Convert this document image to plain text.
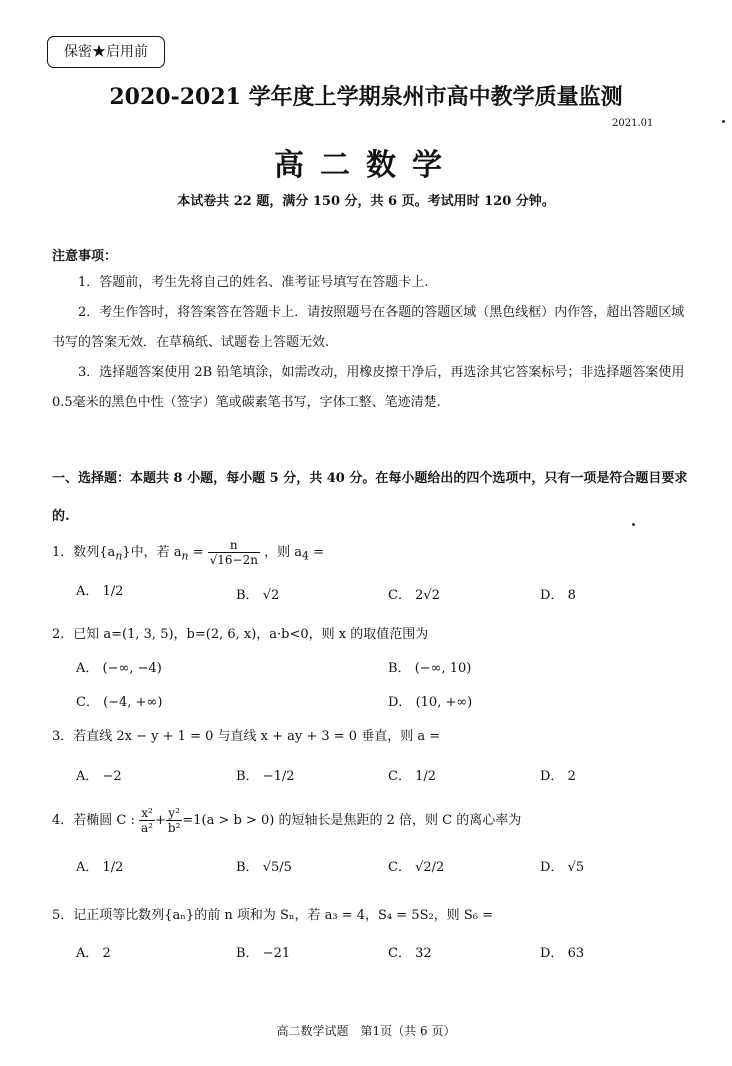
保密★启用前
2020-2021 学年度上学期泉州市高中教学质量监测
2021.01
高二数学
本试卷共 22 题，满分 150 分，共 6 页。考试用时 120 分钟。
注意事项：
1．答题前，考生先将自己的姓名、准考证号填写在答题卡上.
2．考生作答时，将答案答在答题卡上．请按照题号在各题的答题区域（黑色线框）内作答，超出答题区域书写的答案无效．在草稿纸、试题卷上答题无效.
3．选择题答案使用 2B 铅笔填涂，如需改动，用橡皮擦干净后，再选涂其它答案标号；非选择题答案使用0.5毫米的黑色中性（签字）笔或碳素笔书写，字体工整、笔迹清楚.
一、选择题：本题共 8 小题，每小题 5 分，共 40 分。在每小题给出的四个选项中，只有一项是符合题目要求的.
1．数列$\{a_n\}$中，若 $a_n = \frac{n}{√16-2n}$ ，则 $a_4$ =
A． 1/2	B． √2	C． 2√2	D． 8
2．已知 a=(1, 3, 5)，b=(2, 6, x)，a·b<0，则 x 的取值范围为
A． (−∞, −4)	B． (−∞, 10)
C． (−4, +∞)	D． (10, +∞)
3．若直线 2x − y + 1 = 0 与直线 x + ay + 3 = 0 垂直，则 a =
A． −2	B． −1/2	C． 1/2	D． 2
4．若椭圆 C : $\frac{\text{x²}}{\text{a²}} + \frac{\text{y²}}{\text{b²}} =1(a > b > 0)$ 的短轴长是焦距的 2 倍，则 C 的离心率为
A． 1/2	B． √5/5	C． √2/2	D． √5
5．记正项等比数列{aₙ}的前 n 项和为 Sₙ，若 a₃ = 4，S₄ = 5S₂，则 S₆ =
A． 2	B． −21	C． 32	D． 63
高二数学试题　第1页（共 6 页）
